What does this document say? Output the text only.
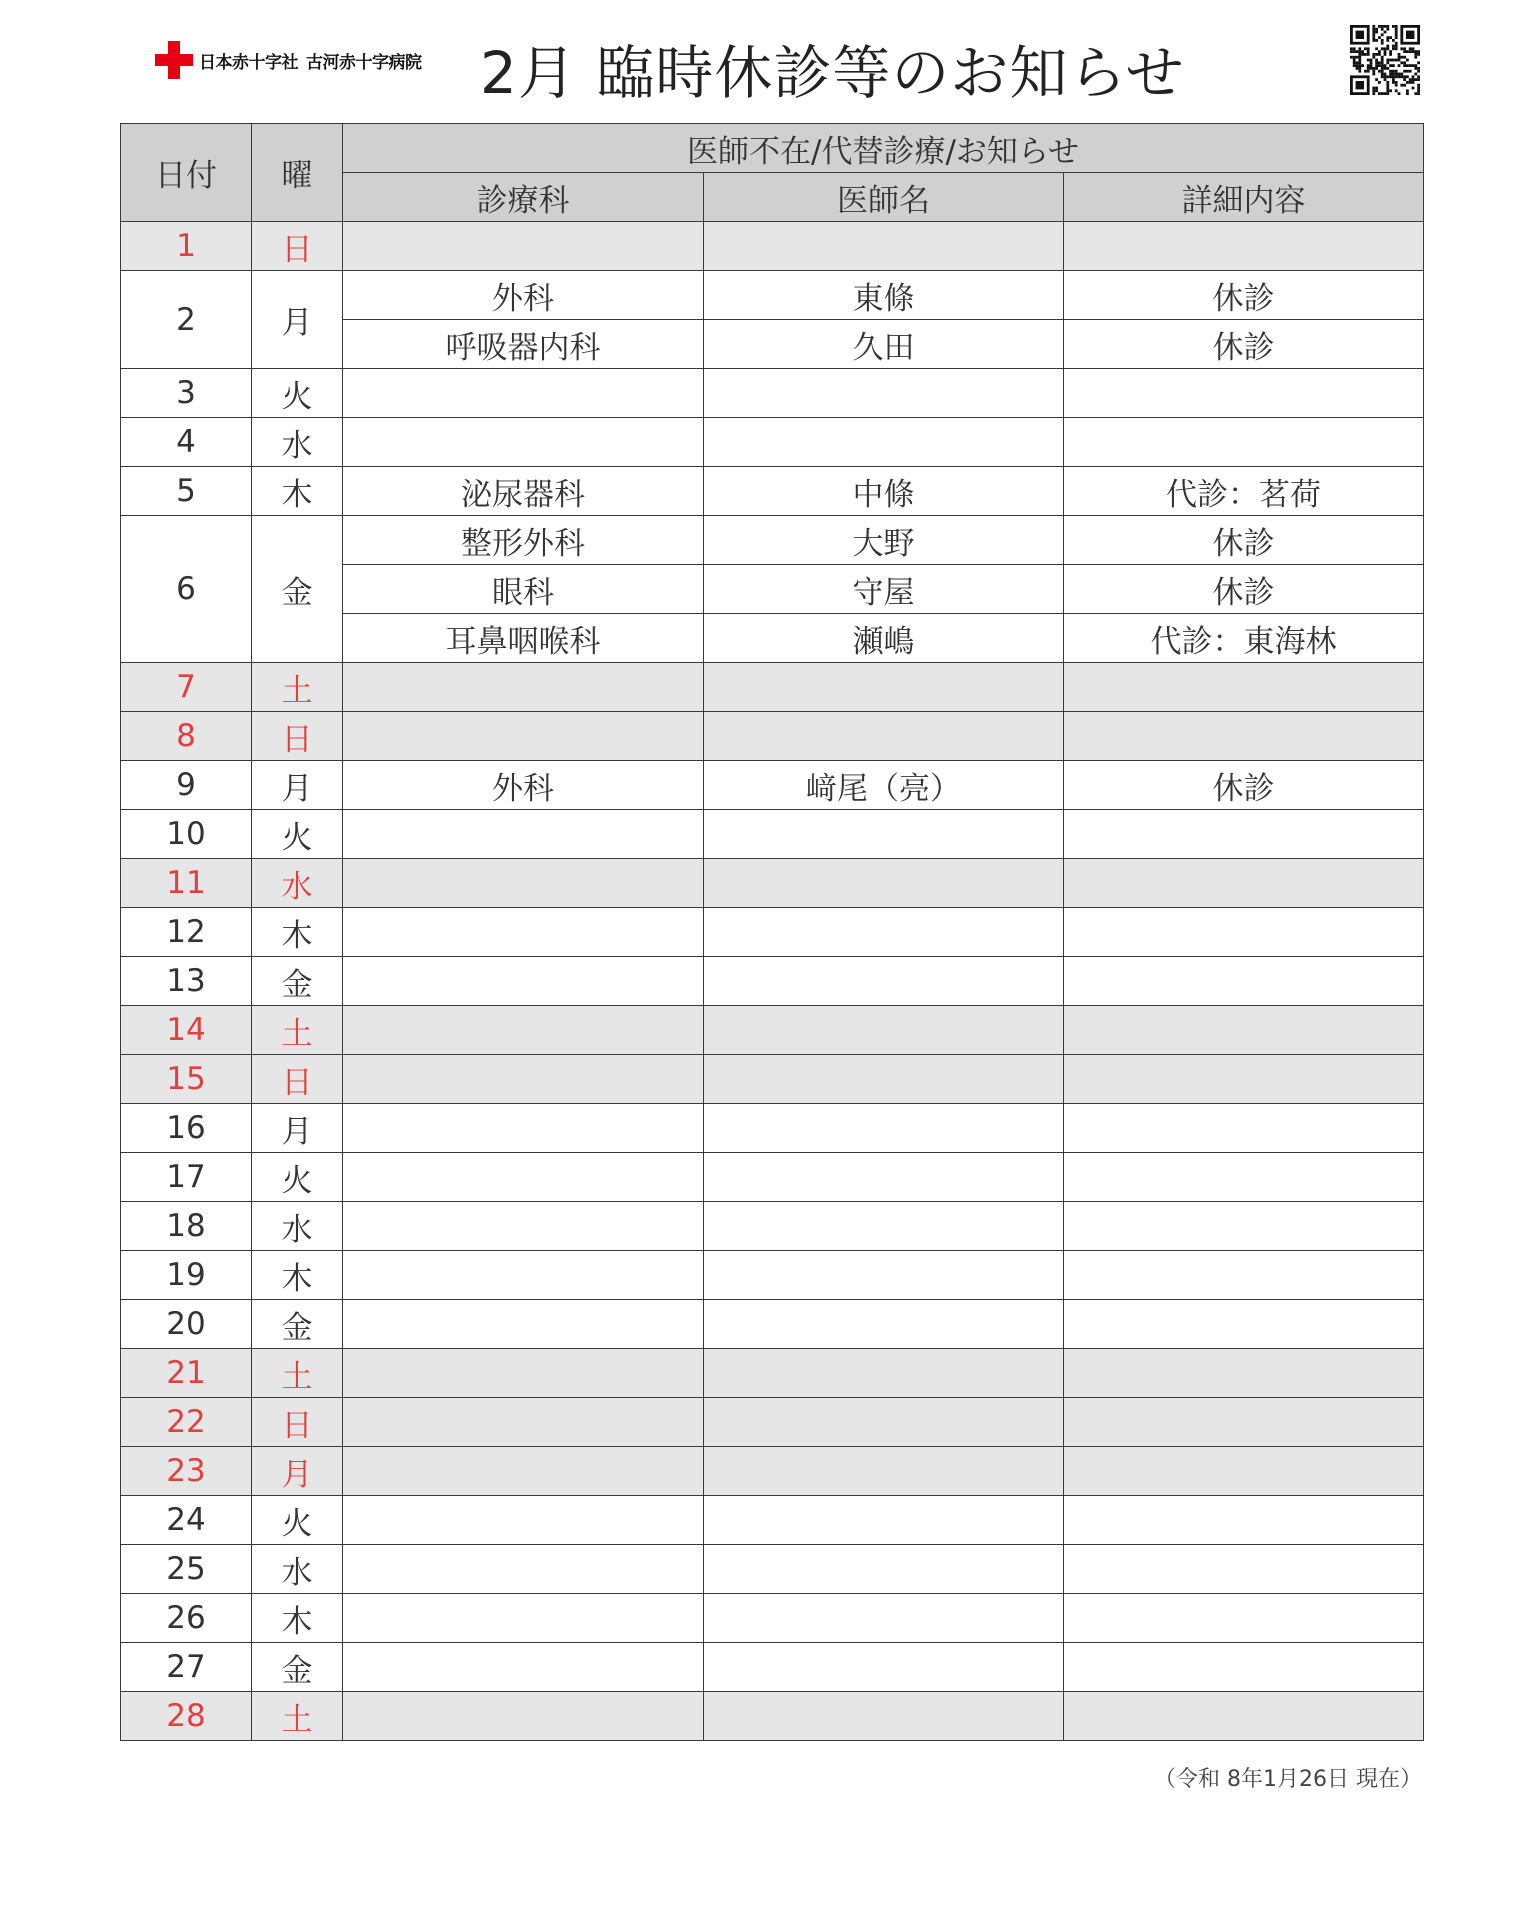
日本赤十字社 古河赤十字病院 2月 臨時休診等のお知らせ
日付	曜	医師不在/代替診療/お知らせ		
		診療科	医師名	詳細内容
1	日			
2	月	外科	東條	休診
		呼吸器内科	久田	休診
3	火			
4	水			
5	木	泌尿器科	中條	代診：茗荷
6	金	整形外科	大野	休診
		眼科	守屋	休診
		耳鼻咽喉科	瀬嶋	代診：東海林
7	土			
8	日			
9	月	外科	﨑尾（亮）	休診
10	火			
11	水			
12	木			
13	金			
14	土			
15	日			
16	月			
17	火			
18	水			
19	木			
20	金			
21	土			
22	日			
23	月			
24	火			
25	水			
26	木			
27	金			
28	土			
（令和 8年1月26日 現在）
